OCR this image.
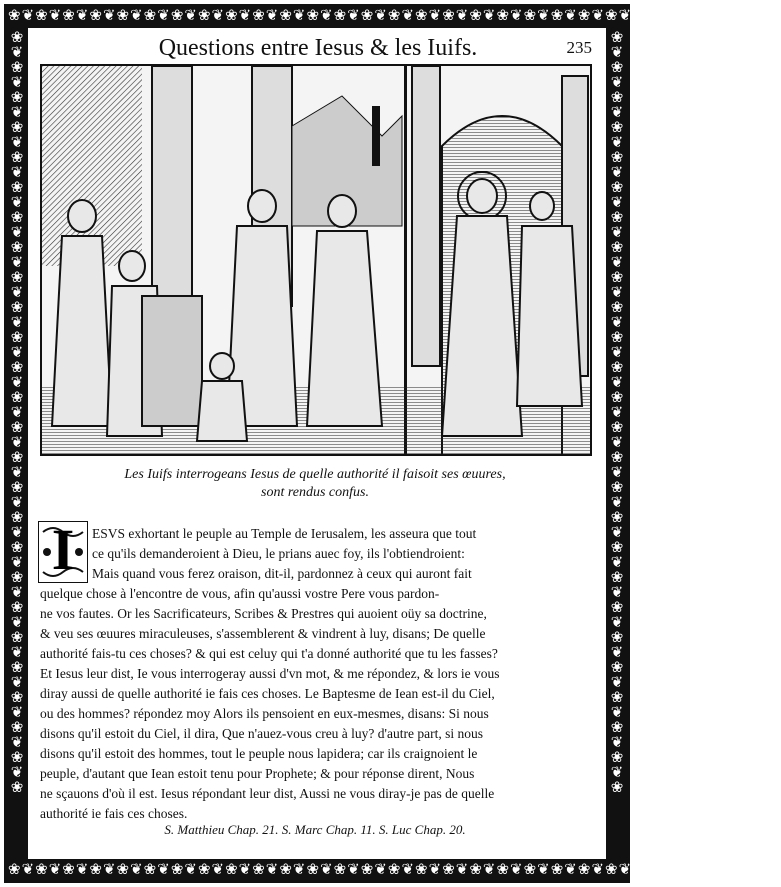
❀❦❀❦❀❦❀❦❀❦❀❦❀❦❀❦❀❦❀❦❀❦❀❦❀❦❀❦❀❦❀❦❀❦❀❦❀❦❀❦❀❦❀❦❀❦❀❦❀❦❀❦❀❦❀❦❀
❀❦❀❦❀❦❀❦❀❦❀❦❀❦❀❦❀❦❀❦❀❦❀❦❀❦❀❦❀❦❀❦❀❦❀❦❀❦❀❦❀❦❀❦❀❦❀❦❀❦❀❦❀❦❀
❀ ❦ ❀ ❦ ❀ ❦ ❀ ❦ ❀ ❦ ❀ ❦ ❀ ❦ ❀ ❦ ❀ ❦ ❀ ❦ ❀ ❦ ❀ ❦ ❀ ❦ ❀ ❦ ❀ ❦ ❀ ❦ ❀ ❦ ❀ ❦ ❀ ❦ ❀ ❦ ❀ ❦ ❀ ❦ ❀ ❦ ❀ ❦ ❀ ❦ ❀
❀ ❦ ❀ ❦ ❀ ❦ ❀ ❦ ❀ ❦ ❀ ❦ ❀ ❦ ❀ ❦ ❀ ❦ ❀ ❦ ❀ ❦ ❀ ❦ ❀ ❦ ❀ ❦ ❀ ❦ ❀ ❦ ❀ ❦ ❀ ❦ ❀ ❦ ❀ ❦ ❀ ❦ ❀ ❦ ❀ ❦ ❀ ❦ ❀ ❦ ❀
Questions entre Iesus & les Iuifs.	235
Les Iuifs interrogeans Iesus de quelle authorité il faisoit ses œuures,
sont rendus confus.
I	ESVS exhortant le peuple au Temple de Ierusalem, les asseura que tout
ce qu'ils demanderoient à Dieu, le prians auec foy, ils l'obtiendroient:
Mais quand vous ferez oraison, dit-il, pardonnez à ceux qui auront fait
quelque chose à l'encontre de vous, afin qu'aussi vostre Pere vous pardon-
ne vos fautes. Or les Sacrificateurs, Scribes & Prestres qui auoient oüy sa doctrine,
& veu ses œuures miraculeuses, s'assemblerent & vindrent à luy, disans; De quelle
authorité fais-tu ces choses? & qui est celuy qui t'a donné authorité que tu les fasses?
Et Iesus leur dist, Ie vous interrogeray aussi d'vn mot, & me répondez, & lors ie vous
diray aussi de quelle authorité ie fais ces choses. Le Baptesme de Iean est-il du Ciel,
ou des hommes? répondez moy Alors ils pensoient en eux-mesmes, disans: Si nous
disons qu'il estoit du Ciel, il dira, Que n'auez-vous creu à luy? d'autre part, si nous
disons qu'il estoit des hommes, tout le peuple nous lapidera; car ils craignoient le
peuple, d'autant que Iean estoit tenu pour Prophete; & pour réponse dirent, Nous
ne sçauons d'où il est. Iesus répondant leur dist, Aussi ne vous diray-je pas de quelle
authorité ie fais ces choses.
S. Matthieu Chap. 21. S. Marc Chap. 11. S. Luc Chap. 20.
